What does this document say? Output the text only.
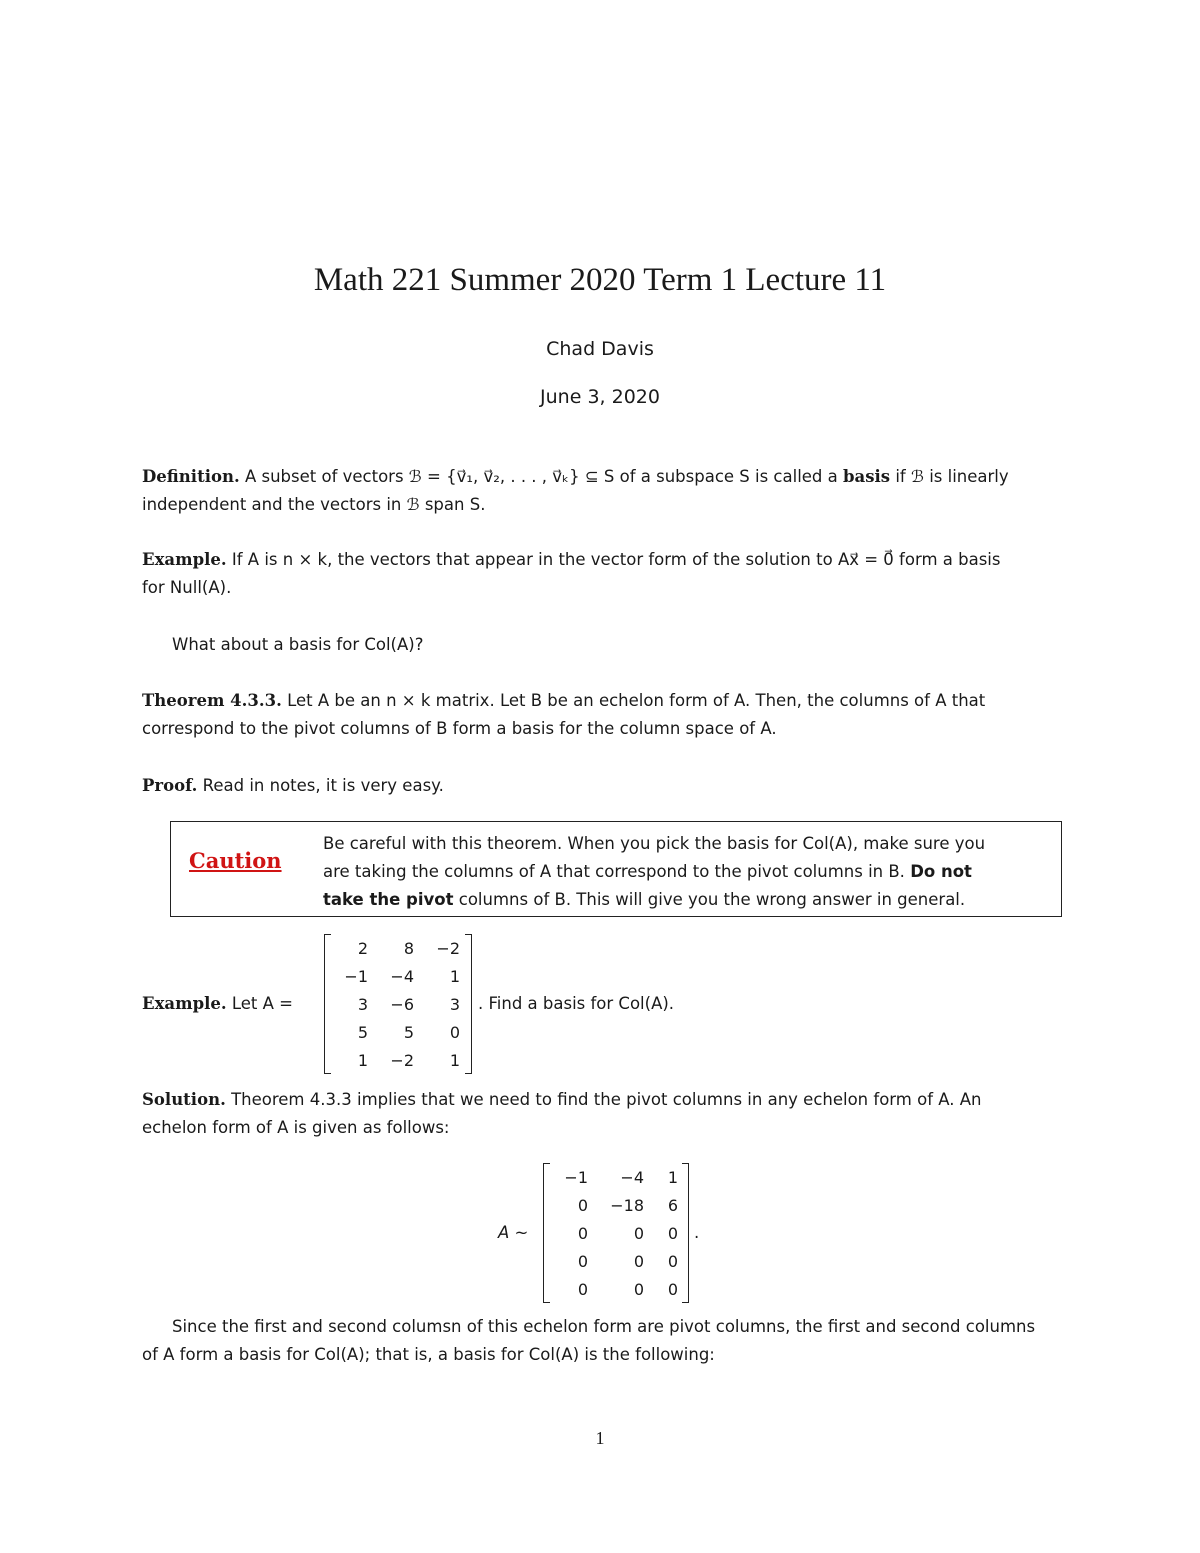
Math 221 Summer 2020 Term 1 Lecture 11
Chad Davis
June 3, 2020
Definition. A subset of vectors ℬ = {v⃗₁, v⃗₂, . . . , v⃗ₖ} ⊆ S of a subspace S is called a basis if ℬ is linearly
independent and the vectors in ℬ span S.
Example. If A is n × k, the vectors that appear in the vector form of the solution to Ax⃗ = 0⃗ form a basis
for Null(A).
What about a basis for Col(A)?
Theorem 4.3.3. Let A be an n × k matrix. Let B be an echelon form of A. Then, the columns of A that
correspond to the pivot columns of B form a basis for the column space of A.
Proof. Read in notes, it is very easy.
Caution
Be careful with this theorem. When you pick the basis for Col(A), make sure you
are taking the columns of A that correspond to the pivot columns in B. Do not
take the pivot columns of B. This will give you the wrong answer in general.
Example. Let A =
2	8	−2
−1	−4	1
3	−6	3
5	5	0
1	−2	1
. Find a basis for Col(A).
Solution. Theorem 4.3.3 implies that we need to find the pivot columns in any echelon form of A. An
echelon form of A is given as follows:
A ∼
−1	−4	1
0	−18	6
0	0	0
0	0	0
0	0	0
.
Since the first and second columsn of this echelon form are pivot columns, the first and second columns
of A form a basis for Col(A); that is, a basis for Col(A) is the following:
1
